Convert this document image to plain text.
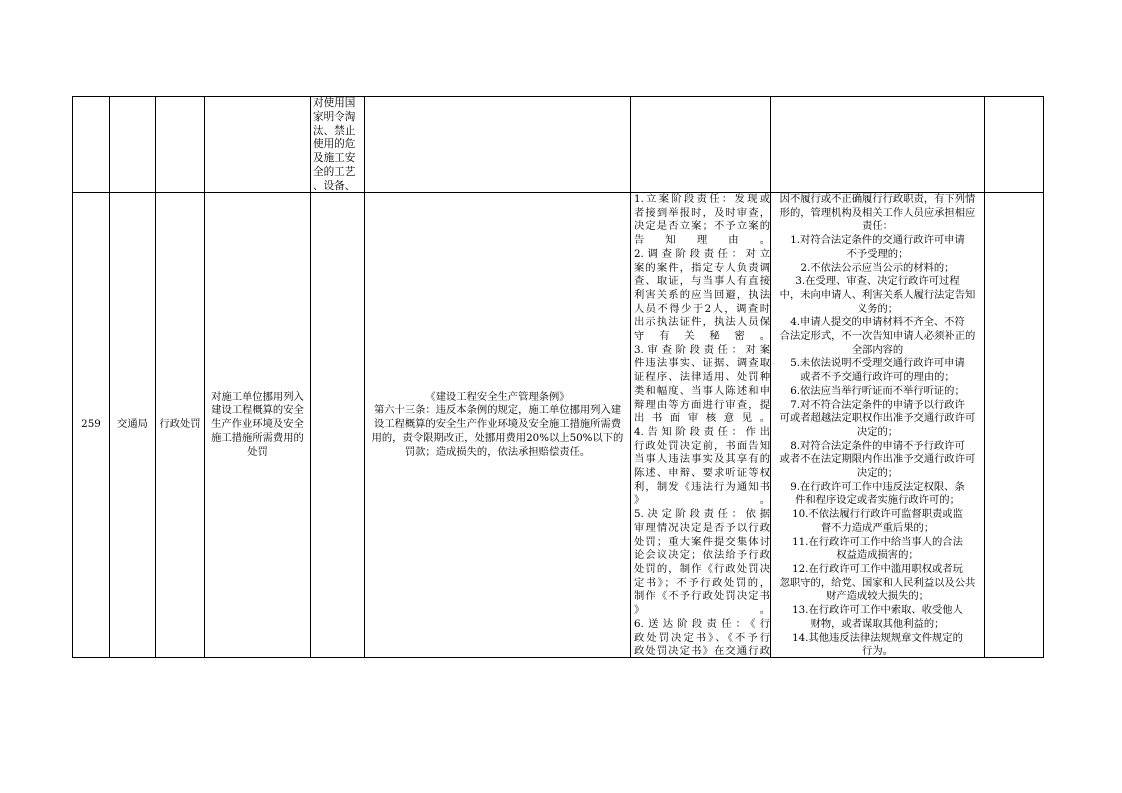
对使用国
家明令淘
汰、禁止
使用的危
及施工安
全的工艺
、设备、
259 交通局 行政处罚
对施工单位挪用列入建设工程概算的安全生产作业环境及安全施工措施所需费用的处罚
《建设工程安全生产管理条例》
第六十三条：违反本条例的规定，施工单位挪用列入建设工程概算的安全生产作业环境及安全施工措施所需费用的，责令限期改正，处挪用费用20%以上50%以下的罚款；造成损失的，依法承担赔偿责任。
1.立案阶段责任：发现或
者接到举报时，及时审查，
决定是否立案；不予立案的
告知理由。
2.调查阶段责任：对立
案的案件，指定专人负责调
查、取证，与当事人有直接
利害关系的应当回避，执法
人员不得少于2人，调查时
出示执法证件，执法人员保
守有关秘密。
3.审查阶段责任：对案
件违法事实、证据、调查取
证程序、法律适用、处罚种
类和幅度、当事人陈述和申
辩理由等方面进行审查，提
出书面审核意见。
4.告知阶段责任：作出
行政处罚决定前，书面告知
当事人违法事实及其享有的
陈述、申辩、要求听证等权
利，制发《违法行为通知书
》。
5.决定阶段责任：依据
审理情况决定是否予以行政
处罚；重大案件提交集体讨
论会议决定；依法给予行政
处罚的，制作《行政处罚决
定书》；不予行政处罚的，
制作《不予行政处罚决定书
》。
6.送达阶段责任：《行
政处罚决定书》、《不予行
政处罚决定书》在交通行政
因不履行或不正确履行行政职责，有下列情
形的，管理机构及相关工作人员应承担相应
责任：
1.对符合法定条件的交通行政许可申请
不予受理的；
2.不依法公示应当公示的材料的；
3.在受理、审查、决定行政许可过程
中，未向申请人、利害关系人履行法定告知
义务的；
4.申请人提交的申请材料不齐全、不符
合法定形式，不一次告知申请人必须补正的
全部内容的
5.未依法说明不受理交通行政许可申请
或者不予交通行政许可的理由的；
6.依法应当举行听证而不举行听证的；
7.对不符合法定条件的申请予以行政许
可或者超越法定职权作出准予交通行政许可
决定的；
8.对符合法定条件的申请不予行政许可
或者不在法定期限内作出准予交通行政许可
决定的；
9.在行政许可工作中违反法定权限、条
件和程序设定或者实施行政许可的；
10.不依法履行行政许可监督职责或监
督不力造成严重后果的；
11.在行政许可工作中给当事人的合法
权益造成损害的；
12.在行政许可工作中滥用职权或者玩
忽职守的，给党、国家和人民利益以及公共
财产造成较大损失的；
13.在行政许可工作中索取、收受他人
财物，或者谋取其他利益的；
14.其他违反法律法规规章文件规定的
行为。
